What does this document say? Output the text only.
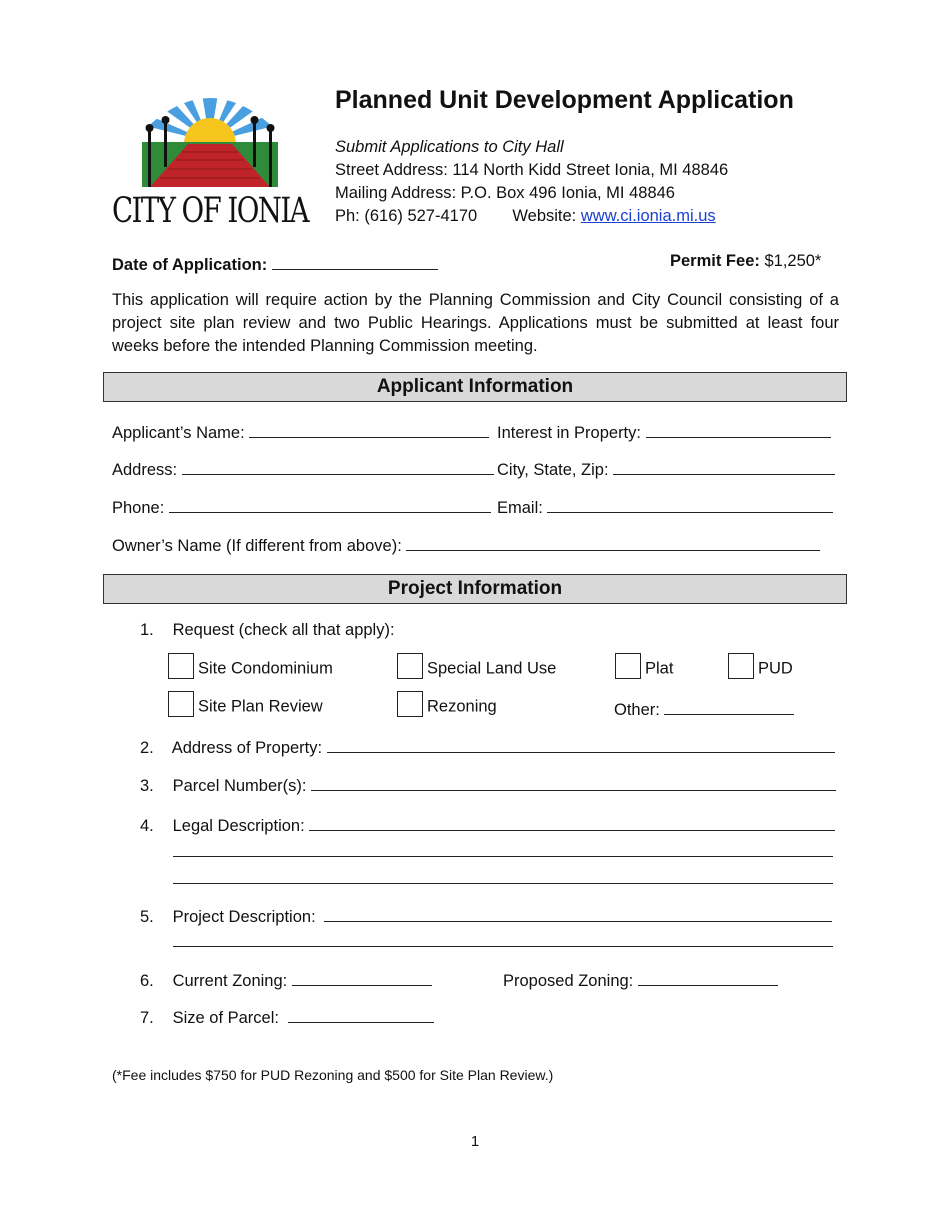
CITY OF IONIA
Planned Unit Development Application
Submit Applications to City Hall
Street Address: 114 North Kidd Street Ionia, MI 48846
Mailing Address: P.O. Box 496 Ionia, MI 48846
Ph: (616) 527-4170 Website: www.ci.ionia.mi.us
Date of Application:	Permit Fee: $1,250*
This application will require action by the Planning Commission and City Council consisting of a project site plan review and two Public Hearings. Applications must be submitted at least four weeks before the intended Planning Commission meeting.
Applicant Information
Applicant’s Name:	Interest in Property:
Address:	City, State, Zip:
Phone:	Email:
Owner’s Name (If different from above):
Project Information
1. Request (check all that apply):
Site Condominium	Special Land Use	Plat	PUD
Site Plan Review	Rezoning	Other:
2. Address of Property:
3. Parcel Number(s):
4. Legal Description:
5. Project Description:
6. Current Zoning:	Proposed Zoning:
7. Size of Parcel:
(*Fee includes $750 for PUD Rezoning and $500 for Site Plan Review.)
1
